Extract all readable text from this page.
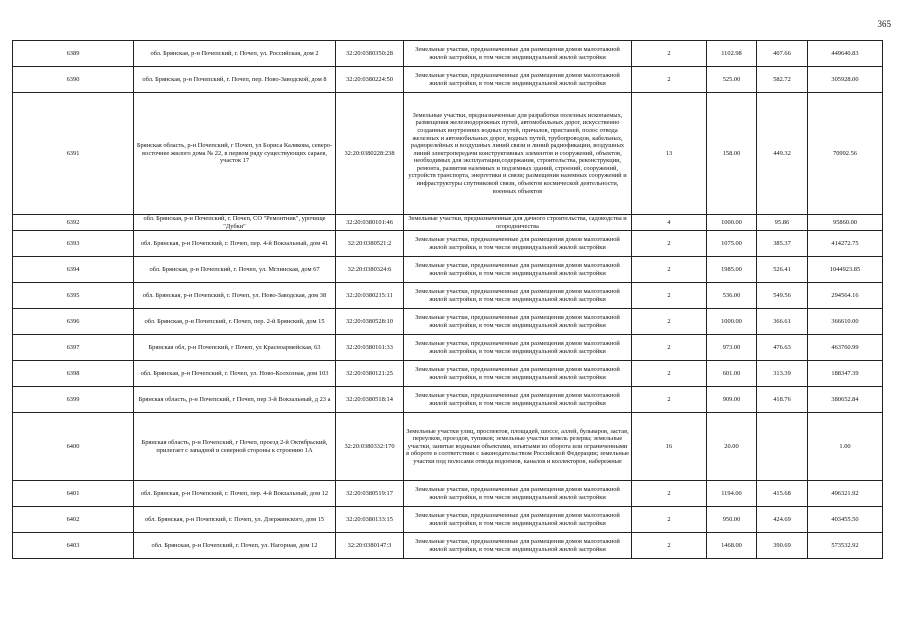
365
6389	обл. Брянская, р-н Почепский, г. Почеп, ул. Российская, дом 2	32:20:0380350:28	Земельные участки, предназначенные для размещения домов малоэтажной жилой застройки, в том числе индивидуальной жилой застройки	2	1102.98	407.66	449640.83
6390	обл. Брянская, р-н Почепский, г. Почеп, пер. Ново-Заводской, дом 8	32:20:0380224:50	Земельные участки, предназначенные для размещения домов малоэтажной жилой застройки, в том числе индивидуальной жилой застройки	2	525.00	582.72	305928.00
6391	Брянская область, р-н Почепский, г Почеп, ул Бориса Калякова, северо-восточнее жилого дома № 22, в первом ряду существующих сараев, участок 17	32:20:0380228:238	Земельные участки, предназначенные для разработки полезных ископаемых, размещения железнодорожных путей, автомобильных дорог, искусственно созданных внутренних водных путей, причалов, пристаней, полос отвода железных и автомобильных дорог, водных путей, трубопроводов, кабельных, радиорелейных и воздушных линий связи и линий радиофикации, воздушных линий электропередачи конструктивных элементов и сооружений, объектов, необходимых для эксплуатации,содержания, строительства, реконструкции, ремонта, развития наземных и подземных зданий, строений, сооружений, устройств транспорта, энергетики и связи; размещения наземных сооружений и инфраструктуры спутниковой связи, объектов космической деятельности, военных объектов	13	158.00	449.32	70992.56
6392	обл. Брянская, р-н Почепский, г. Почеп, СО "Ремонтник", урочище "Дубки"	32:20:0380101:46	Земельные участки, предназначенные для дачного строительства, садоводства и огородничества	4	1000.00	95.86	95860.00
6393	обл. Брянская, р-н Почепский, г. Почеп, пер. 4-й Вокзальный, дом 41	32:20:0380521:2	Земельные участки, предназначенные для размещения домов малоэтажной жилой застройки, в том числе индивидуальной жилой застройки	2	1075.00	385.37	414272.75
6394	обл. Брянская, р-н Почепский, г. Почеп, ул. Мглинская, дом 67	32:20:0380324:6	Земельные участки, предназначенные для размещения домов малоэтажной жилой застройки, в том числе индивидуальной жилой застройки	2	1985.00	526.41	1044923.85
6395	обл. Брянская, р-н Почепский, г. Почеп, ул. Ново-Заводская, дом 38	32:20:0380215:11	Земельные участки, предназначенные для размещения домов малоэтажной жилой застройки, в том числе индивидуальной жилой застройки	2	536.00	549.56	294564.16
6396	обл. Брянская, р-н Почепский, г. Почеп, пер. 2-й Брянский, дом 15	32:20:0380528:10	Земельные участки, предназначенные для размещения домов малоэтажной жилой застройки, в том числе индивидуальной жилой застройки	2	1000.00	366.61	366610.00
6397	Брянская обл, р-н Почепский, г Почеп, ул Красноармейская, 63	32:20:0380161:33	Земельные участки, предназначенные для размещения домов малоэтажной жилой застройки, в том числе индивидуальной жилой застройки	2	973.00	476.63	463760.99
6398	обл. Брянская, р-н Почепский, г. Почеп, ул. Ново-Колхозная, дом 103	32:20:0380121:25	Земельные участки, предназначенные для размещения домов малоэтажной жилой застройки, в том числе индивидуальной жилой застройки	2	601.00	313.39	188347.39
6399	Брянская область, р-н Почепский, г Почеп, пер 3-й Вокзальный, д 23 а	32:20:0380518:14	Земельные участки, предназначенные для размещения домов малоэтажной жилой застройки, в том числе индивидуальной жилой застройки	2	909.00	418.76	380652.84
6400	Брянская область, р-н Почепский, г Почеп, проезд 2-й Октябрьский, прилегает с западной и северной стороны к строению 1А	32:20:0380332:170	Земельные участки улиц, проспектов, площадей, шоссе, аллей, бульваров, застав, переулков, проездов, тупиков; земельные участки земель резерва; земельные участки, занятые водными объектами, изъятыми из оборота или ограниченными в обороте в соответствии с законодательством Российской Федерации; земельные участки под полосами отвода водоемов, каналов и коллекторов, набережные	16	20.00		1.00
6401	обл. Брянская, р-н Почепский, г. Почеп, пер. 4-й Вокзальный, дом 12	32:20:0380519:17	Земельные участки, предназначенные для размещения домов малоэтажной жилой застройки, в том числе индивидуальной жилой застройки	2	1194.00	415.68	496321.92
6402	обл. Брянская, р-н Почепский, г. Почеп, ул. Дзержинского, дом 15	32:20:0380133:15	Земельные участки, предназначенные для размещения домов малоэтажной жилой застройки, в том числе индивидуальной жилой застройки	2	950.00	424.69	403455.50
6403	обл. Брянская, р-н Почепский, г. Почеп, ул. Нагорная, дом 12	32:20:0380147:3	Земельные участки, предназначенные для размещения домов малоэтажной жилой застройки, в том числе индивидуальной жилой застройки	2	1468.00	390.69	573532.92
